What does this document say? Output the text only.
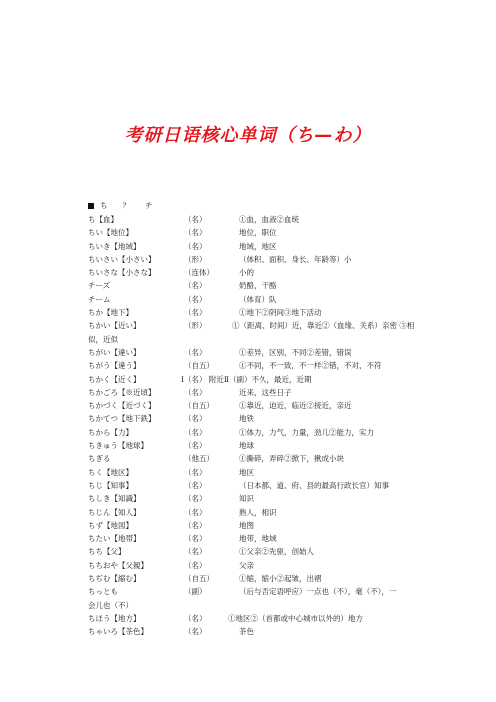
考研日语核心单词（ち—わ）
ち　　？　　チ
ち【血】	（名）	①血，血液②血统
ちい【地位】	（名）	地位，职位
ちいき【地域】	（名）	地域，地区
ちいさい【小さい】	（形）	（体积、面积、身长、年龄等）小
ちいさな【小さな】	（连体）	小的
チーズ	（名）	奶酪，干酪
チーム	（名）	（体育）队
ちか【地下】	（名）	①地下②阴间③地下活动
ちかい【近い】	（形）	①（距离、时间）近，靠近②（血缘、关系）亲密 ③相
似，近似
ちがい【違い】	（名）	①差异，区别，不同②差错，错误
ちがう【違う】	（自五）	①不同，不一致，不一样②错，不对，不符
ちかく【近く】	Ⅰ（名） 附近Ⅱ（副）不久，最近，近期
ちかごろ【※近頃】	（名）	近来，这些日子
ちかづく【近づく】	（自五）	①靠近，迫近，临近②接近，亲近
ちかてつ【地下鉄】	（名）	地铁
ちから【力】	（名）	①体力，力气，力量，劲儿②能力，实力
ちきゅう【地球】	（名）	地球
ちぎる	（他五）	①撕碎，弄碎②掀下，揪成小块
ちく【地区】	（名）	地区
ちじ【知事】	（名）	（日本都、道、府、县的最高行政长官）知事
ちしき【知識】	（名）	知识
ちじん【知人】	（名）	熟人，相识
ちず【地図】	（名）	地图
ちたい【地帯】	（名）	地带，地域
ちち【父】	（名）	①父亲②先驱，创始人
ちちおや【父親】	（名）	父亲
ちぢむ【縮む】	（自五）	①缩，缩小②起皱，出褶
ちっとも	（副）	（后与否定语呼应）一点也（不），毫（不），一
会儿也（不）
ちほう【地方】	（名）	①地区②（首都或中心城市以外的）地方
ちゃいろ【茶色】	（名）	茶色
